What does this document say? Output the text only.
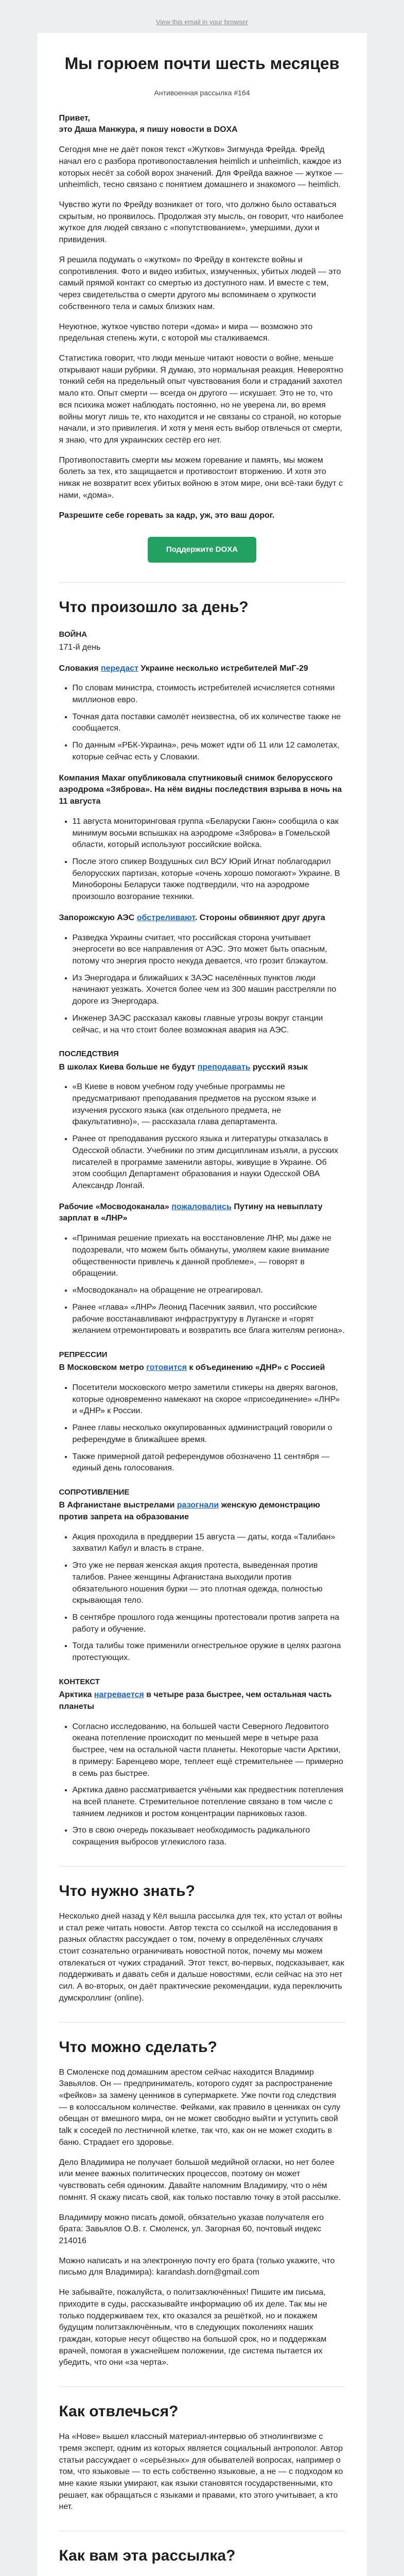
View this email in your browser
Мы горюем почти шесть месяцев
Антивоенная рассылка #164

Привет,
это Даша Манжура, я пишу новости в DOXA

Сегодня мне не даёт покоя текст «Жутков» Зигмунда Фрейда. Фрейд начал его с разбора противопоставления heimlich и unheimlich, каждое из которых несёт за собой ворох значений. Для Фрейда важное — жуткое — unheimlich, тесно связано с понятием домашнего и знакомого — heimlich.

Чувство жути по Фрейду возникает от того, что должно было оставаться скрытым, но проявилось. Продолжая эту мысль, он говорит, что наиболее жуткое для людей связано с «попутствованием», умершими, духи и привидения.

Я решила подумать о «жутком» по Фрейду в контексте войны и сопротивления. Фото и видео избитых, измученных, убитых людей — это самый прямой контакт со смертью из доступного нам. И вместе с тем, через свидетельства о смерти другого мы вспоминаем о хрупкости собственного тела и самых близких нам.

Неуютное, жуткое чувство потери «дома» и мира — возможно это предельная степень жути, с которой мы сталкиваемся.

Статистика говорит, что люди меньше читают новости о войне, меньше открывают наши рубрики. Я думаю, это нормальная реакция. Невероятно тонкий себя на предельный опыт чувствования боли и страданий захотел мало кто. Опыт смерти — всегда он другого — искушает. Это не то, что вся психика может наблюдать постоянно, но не уверена ли, во время войны могут лишь те, кто находится и не связаны со страной, но которые начали, и это привилегия. И хотя у меня есть выбор отвлечься от смерти, я знаю, что для украинских сестёр его нет.

Противопоставить смерти мы можем горевание и память, мы можем болеть за тех, кто защищается и противостоит вторжению. И хотя это никак не возвратит всех убитых войною в этом мире, они всё-таки будут с нами, «дома».

Разрешите себе горевать за кадр, уж, это ваш дорог.

Поддержите DOXA
Что произошло за день?
ВОЙНА
171-й день

Словакия передаст Украине несколько истребителей МиГ-29

• По словам министра, стоимость истребителей исчисляется сотнями миллионов евро.
• Точная дата поставки самолёт неизвестна, об их количестве также не сообщается.
• По данным «РБК-Украина», речь может идти об 11 или 12 самолетах, которые сейчас есть у Словакии.

Компания Maxar опубликовала спутниковый снимок белорусского аэродрома «Зяброва». На нём видны последствия взрыва в ночь на 11 августа

• 11 августа мониторинговая группа «Беларуски Гаюн» сообщила о как минимум восьми вспышках на аэродроме «Зяброва» в Гомельской области, который используют российские войска.
• После этого спикер Воздушных сил ВСУ Юрий Игнат поблагодарил белорусских партизан, которые «очень хорошо помогают» Украине. В Минобороны Беларуси также подтвердили, что на аэродроме произошло возгорание техники.

Запорожскую АЭС обстреливают. Стороны обвиняют друг друга

• Разведка Украины считает, что российская сторона учитывает энергосети во все направления от АЭС. Это может быть опасным, потому что энергия просто некуда девается, что грозит блэкаутом.
• Из Энергодара и ближайших к ЗАЭС населённых пунктов люди начинают уезжать. Хочется более чем из 300 машин расстреляли по дороге из Энергодара.
• Инженер ЗАЭС рассказал каковы главные угрозы вокруг станции сейчас, и на что стоит более возможная авария на АЭС.
ПОСЛЕДСТВИЯ

В школах Киева больше не будут преподавать русский язык

• «В Киеве в новом учебном году учебные программы не предусматривают преподавания предметов на русском языке и изучения русского языка (как отдельного предмета, не факультативно)», — рассказала глава департамента.
• Ранее от преподавания русского языка и литературы отказалась в Одесской области. Учебники по этим дисциплинам изъяли, а русских писателей в программе заменили авторы, живущие в Украине. Об этом сообщил Департамент образования и науки Одесской ОВА Александр Лонгай.

Рабочие «Мосводоканала» пожаловались Путину на невыплату зарплат в «ЛНР»

• «Принимая решение приехать на восстановление ЛНР, мы даже не подозревали, что можем быть обмануты, умоляем какие внимание общественности привлечь к данной проблеме», — говорят в обращении.
• «Мосводоканал» на обращение не отреагировал.
• Ранее «глава» «ЛНР» Леонид Пасечник заявил, что российские рабочие восстанавливают инфраструктуру в Луганске и «горят желанием отремонтировать и возвратить все блага жителям региона».
РЕПРЕССИИ

В Московском метро готовится к объединению «ДНР» с Россией

• Посетители московского метро заметили стикеры на дверях вагонов, которые одновременно намекают на скорое «присоединение» «ЛНР» и «ДНР» к России.
• Ранее главы несколько оккупированных администраций говорили о референдуме в ближайшее время.
• Также примерной датой референдумов обозначено 11 сентября — единый день голосования.
СОПРОТИВЛЕНИЕ

В Афганистане выстрелами разогнали женскую демонстрацию против запрета на образование

• Акция проходила в преддверии 15 августа — даты, когда «Талибан» захватил Кабул и власть в стране.
• Это уже не первая женская акция протеста, выведенная против талибов. Ранее женщины Афганистана выходили против обязательного ношения бурки — это плотная одежда, полностью скрывающая тело.
• В сентябре прошлого года женщины протестовали против запрета на работу и обучение.
• Тогда талибы тоже применили огнестрельное оружие в целях разгона протестующих.
КОНТЕКСТ

Арктика нагревается в четыре раза быстрее, чем остальная часть планеты

• Согласно исследованию, на большей части Северного Ледовитого океана потепление происходит по меньшей мере в четыре раза быстрее, чем на остальной части планеты. Некоторые части Арктики, в примеру: Баренцево море, теплеет ещё стремительнее — примерно в семь раз быстрее.
• Арктика давно рассматривается учёными как предвестник потепления на всей планете. Стремительное потепление связано в том числе с таянием ледников и ростом концентрации парниковых газов.
• Это в свою очередь показывает необходимость радикального сокращения выбросов углекислого газа.
Что нужно знать?

Несколько дней назад у Кёл вышла рассылка для тех, кто устал от войны и стал реже читать новости. Автор текста со ссылкой на исследования в разных областях рассуждает о том, почему в определённых случаях стоит сознательно ограничивать новостной поток, почему мы можем отвлекаться от чужих страданий. Этот текст, во-первых, подсказывает, как поддерживать и давать себя и дальше новостями, если сейчас на это нет сил. А во-вторых, он даёт практические рекомендации, куда переключить думскроллинг (online).

Что можно сделать?

В Смоленске под домашним арестом сейчас находится Владимир Завьялов. Он — предприниматель, которого судят за распространение «фейков» за замену ценников в супермаркете. Уже почти год следствия — в колоссальном количестве. Фейками, как правило в ценниках он сулу обещан от вмешного мира, он не может свободно выйти и уступить свой talk к соседей по лестничной клетке, так что, как он не может сходить в баню. Страдает его здоровье.

Дело Владимира не получает большой медийной огласки, но нет более или менее важных политических процессов, поэтому он может чувствовать себя одиноким. Давайте напомним Владимиру, что о нём помнят. Я скажу писать свой, как только поставлю точку в этой рассылке.

Владимиру можно писать домой, обязательно указав получателя его брата: Завьялов О.В. г. Смоленск, ул. Загорная 60, почтовый индекс 214016

Можно написать и на электронную почту его брата (только укажите, что письмо для Владимира): karandash.dorn@gmail.com

Не забывайте, пожалуйста, о политзаключённых! Пишите им письма, приходите в суды, рассказывайте информацию об их деле. Так мы не только поддерживаем тех, кто оказался за решёткой, но и покажем будущим политзаключённым, что в следующих поколениях наших граждан, которые несут общество на большой срок, но и поддержкам врачей, помогая в ужаснейшем положении, где система пытается их убедить, что они «за черта».

Как отвлечься?

На «Нове» вышел классный материал-интервью об этнолингвизме с тремя эксперт, одним из которых является социальный антрополог. Автор статьи рассуждает о «серьёзных» для обывателей вопросах, например о том, что языковые — то есть собственно языковые, а не — с подходом ко мне какие языки умирают, как языки становятся государственными, кто решает, как обращаться с языками и правами, кто этого учитывает, а кто нет.

Как вам эта рассылка?
